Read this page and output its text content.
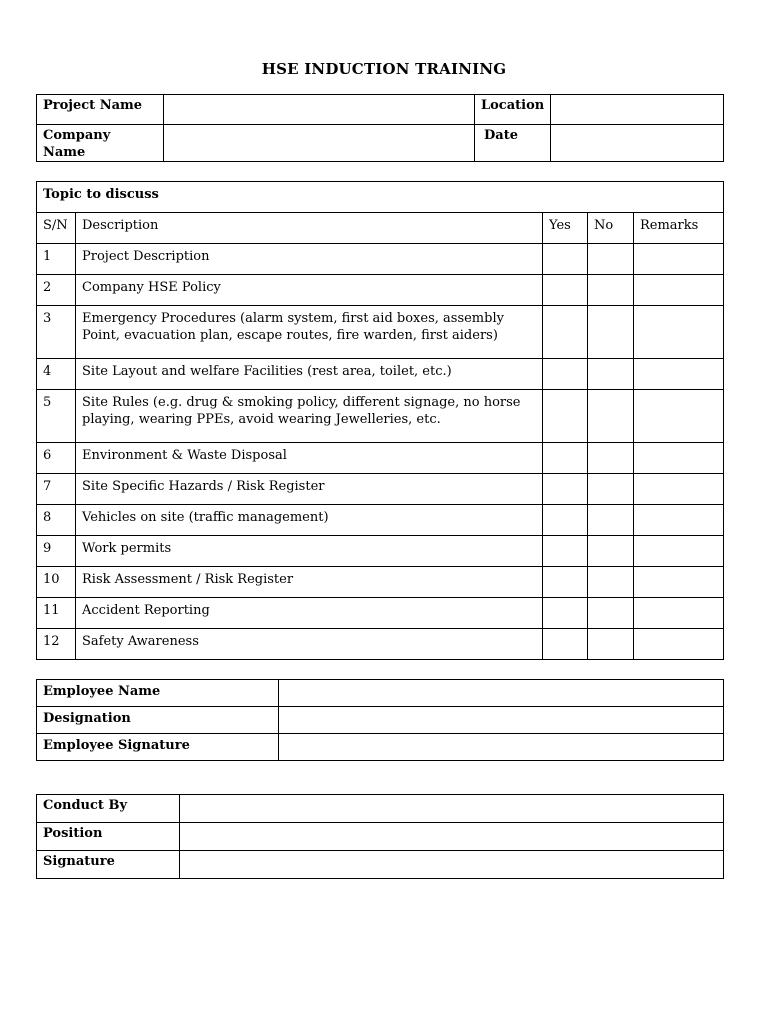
HSE INDUCTION TRAINING
Project Name		Location	
Company Name		Date	
Topic to discuss				
S/N	Description	Yes	No	Remarks
1	Project Description			
2	Company HSE Policy			
3	Emergency Procedures (alarm system, first aid boxes, assembly Point, evacuation plan, escape routes, fire warden, first aiders)			
4	Site Layout and welfare Facilities (rest area, toilet, etc.)			
5	Site Rules (e.g. drug & smoking policy, different signage, no horse playing, wearing PPEs, avoid wearing Jewelleries, etc.			
6	Environment & Waste Disposal			
7	Site Specific Hazards / Risk Register			
8	Vehicles on site (traffic management)			
9	Work permits			
10	Risk Assessment / Risk Register			
11	Accident Reporting			
12	Safety Awareness			
Employee Name	
Designation	
Employee Signature	
Conduct By	
Position	
Signature	
